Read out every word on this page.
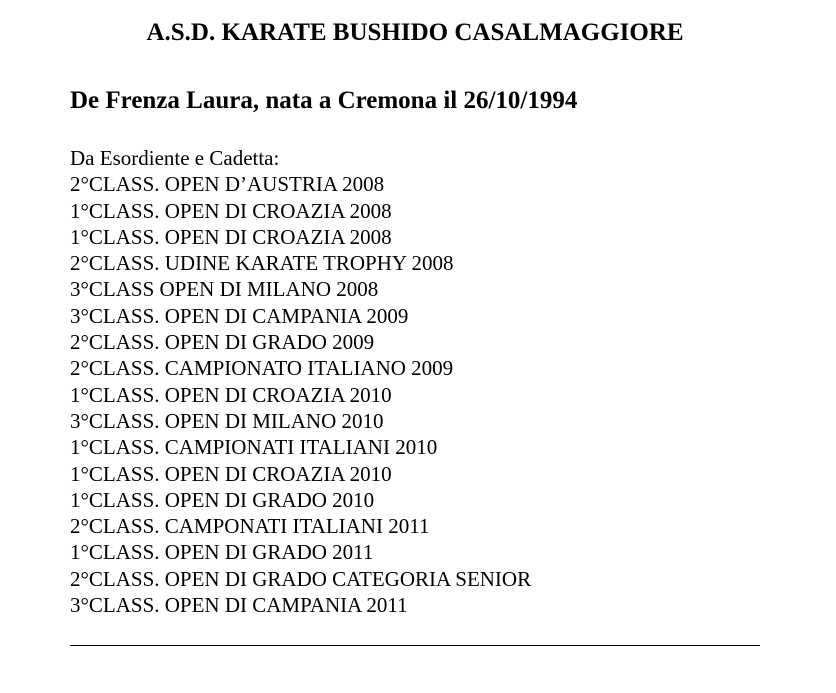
A.S.D. KARATE BUSHIDO CASALMAGGIORE
De Frenza Laura, nata a Cremona il 26/10/1994
Da Esordiente e Cadetta:
2°CLASS. OPEN D’AUSTRIA 2008
1°CLASS. OPEN DI CROAZIA 2008
1°CLASS. OPEN DI CROAZIA 2008
2°CLASS. UDINE KARATE TROPHY 2008
3°CLASS OPEN DI MILANO 2008
3°CLASS. OPEN DI CAMPANIA 2009
2°CLASS. OPEN DI GRADO 2009
2°CLASS. CAMPIONATO ITALIANO 2009
1°CLASS. OPEN DI CROAZIA 2010
3°CLASS. OPEN DI MILANO 2010
1°CLASS. CAMPIONATI ITALIANI 2010
1°CLASS. OPEN DI CROAZIA 2010
1°CLASS. OPEN DI GRADO 2010
2°CLASS. CAMPONATI ITALIANI 2011
1°CLASS. OPEN DI GRADO 2011
2°CLASS. OPEN DI GRADO CATEGORIA SENIOR
3°CLASS. OPEN DI CAMPANIA 2011
